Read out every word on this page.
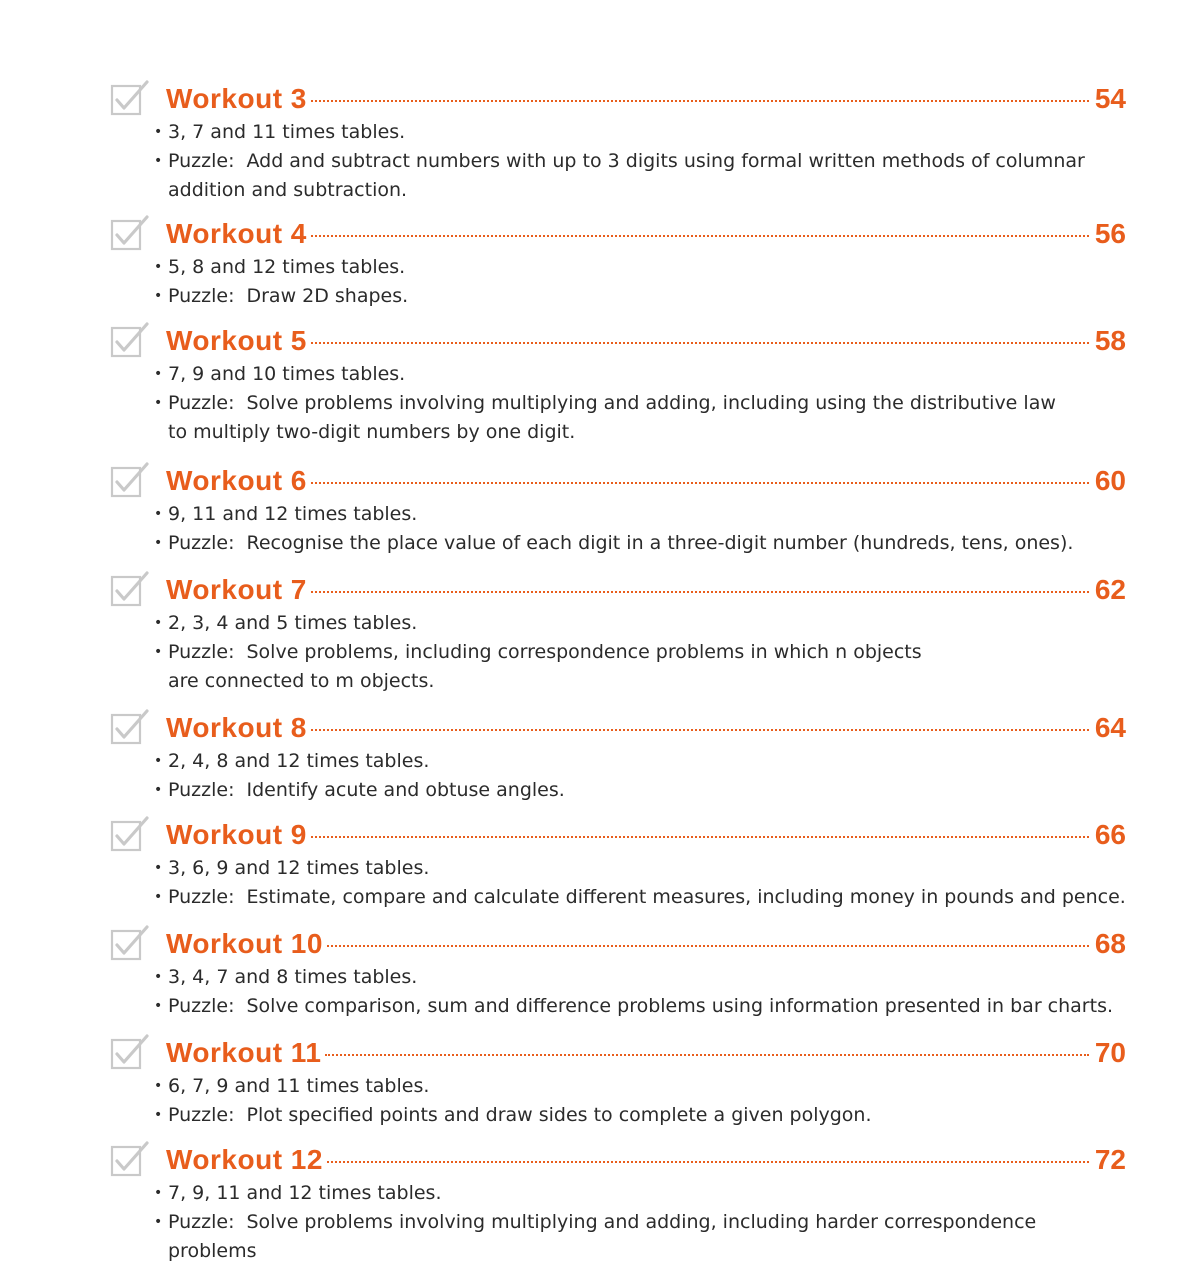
Workout 3	54
• 3, 7 and 11 times tables.
• Puzzle: Add and subtract numbers with up to 3 digits using formal written methods of columnar
addition and subtraction.
Workout 4	56
• 5, 8 and 12 times tables.
• Puzzle: Draw 2D shapes.
Workout 5	58
• 7, 9 and 10 times tables.
• Puzzle: Solve problems involving multiplying and adding, including using the distributive law
to multiply two-digit numbers by one digit.
Workout 6	60
• 9, 11 and 12 times tables.
• Puzzle: Recognise the place value of each digit in a three-digit number (hundreds, tens, ones).
Workout 7	62
• 2, 3, 4 and 5 times tables.
• Puzzle: Solve problems, including correspondence problems in which n objects
are connected to m objects.
Workout 8	64
• 2, 4, 8 and 12 times tables.
• Puzzle: Identify acute and obtuse angles.
Workout 9	66
• 3, 6, 9 and 12 times tables.
• Puzzle: Estimate, compare and calculate different measures, including money in pounds and pence.
Workout 10	68
• 3, 4, 7 and 8 times tables.
• Puzzle: Solve comparison, sum and difference problems using information presented in bar charts.
Workout 11	70
• 6, 7, 9 and 11 times tables.
• Puzzle: Plot specified points and draw sides to complete a given polygon.
Workout 12	72
• 7, 9, 11 and 12 times tables.
• Puzzle: Solve problems involving multiplying and adding, including harder correspondence problems
